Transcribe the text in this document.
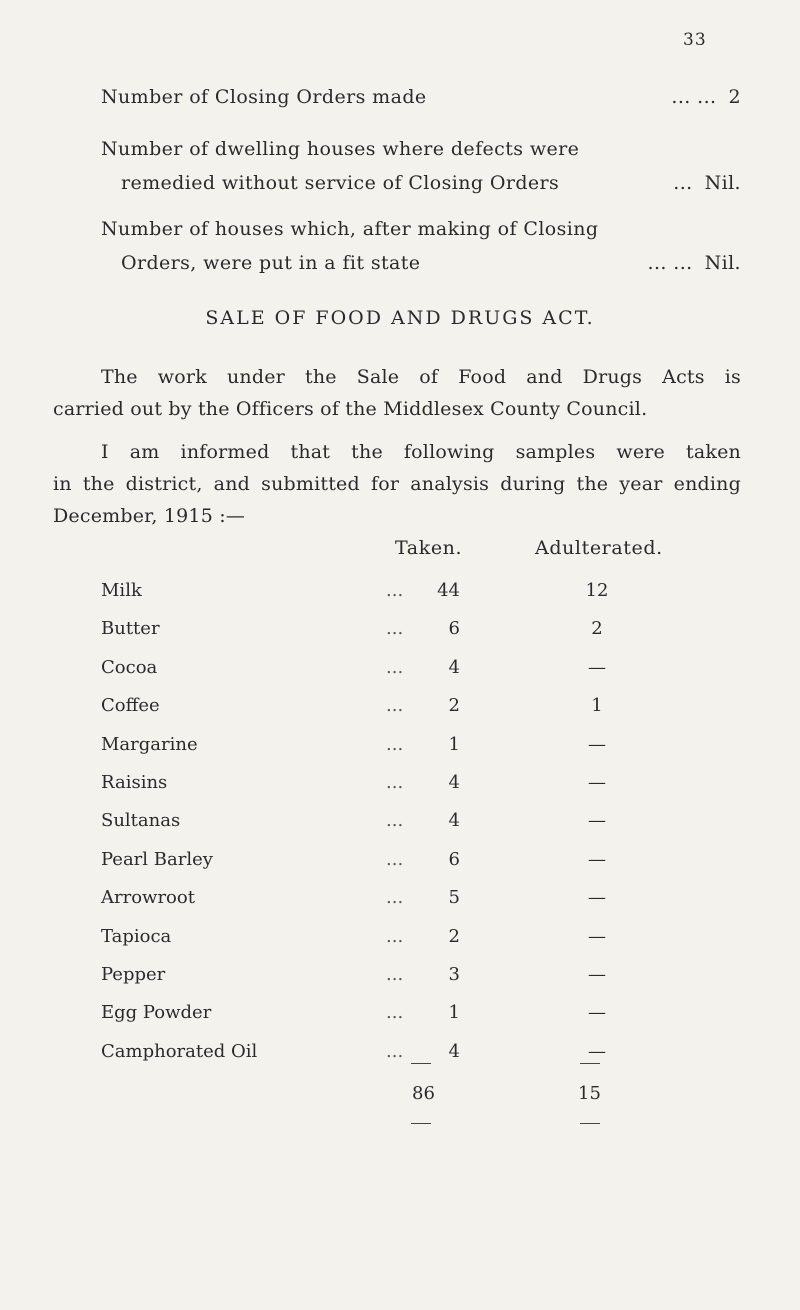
33
Number of Closing Orders made	... ... 2
Number of dwelling houses where defects were
remedied without service of Closing Orders	... Nil.
Number of houses which, after making of Closing
Orders, were put in a fit state	... ... Nil.
SALE OF FOOD AND DRUGS ACT.
The work under the Sale of Food and Drugs Acts is
carried out by the Officers of the Middlesex County Council.
I am informed that the following samples were taken
in the district, and submitted for analysis during the year ending December, 1915 :—
Taken.	Adulterated.
Milk	...	44	12
Butter	...	6	2
Cocoa	...	4	—
Coffee	...	2	1
Margarine	...	1	—
Raisins	...	4	—
Sultanas	...	4	—
Pearl Barley	...	6	—
Arrowroot	...	5	—
Tapioca	...	2	—
Pepper	...	3	—
Egg Powder	...	1	—
Camphorated Oil	...	4	—
86	15
